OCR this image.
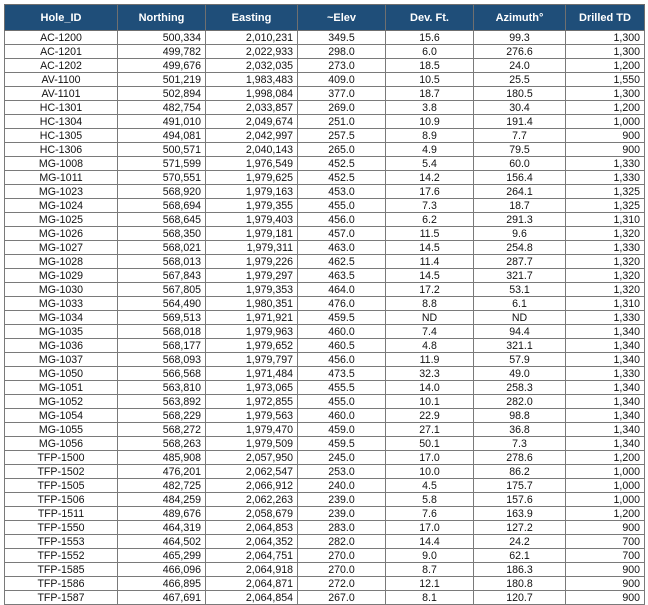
Hole_ID	Northing	Easting	~Elev	Dev. Ft.	Azimuth°	Drilled TD
AC-1200	500,334	2,010,231	349.5	15.6	99.3	1,300
AC-1201	499,782	2,022,933	298.0	6.0	276.6	1,300
AC-1202	499,676	2,032,035	273.0	18.5	24.0	1,200
AV-1100	501,219	1,983,483	409.0	10.5	25.5	1,550
AV-1101	502,894	1,998,084	377.0	18.7	180.5	1,300
HC-1301	482,754	2,033,857	269.0	3.8	30.4	1,200
HC-1304	491,010	2,049,674	251.0	10.9	191.4	1,000
HC-1305	494,081	2,042,997	257.5	8.9	7.7	900
HC-1306	500,571	2,040,143	265.0	4.9	79.5	900
MG-1008	571,599	1,976,549	452.5	5.4	60.0	1,330
MG-1011	570,551	1,979,625	452.5	14.2	156.4	1,330
MG-1023	568,920	1,979,163	453.0	17.6	264.1	1,325
MG-1024	568,694	1,979,355	455.0	7.3	18.7	1,325
MG-1025	568,645	1,979,403	456.0	6.2	291.3	1,310
MG-1026	568,350	1,979,181	457.0	11.5	9.6	1,320
MG-1027	568,021	1,979,311	463.0	14.5	254.8	1,330
MG-1028	568,013	1,979,226	462.5	11.4	287.7	1,320
MG-1029	567,843	1,979,297	463.5	14.5	321.7	1,320
MG-1030	567,805	1,979,353	464.0	17.2	53.1	1,320
MG-1033	564,490	1,980,351	476.0	8.8	6.1	1,310
MG-1034	569,513	1,971,921	459.5	ND	ND	1,330
MG-1035	568,018	1,979,963	460.0	7.4	94.4	1,340
MG-1036	568,177	1,979,652	460.5	4.8	321.1	1,340
MG-1037	568,093	1,979,797	456.0	11.9	57.9	1,340
MG-1050	566,568	1,971,484	473.5	32.3	49.0	1,330
MG-1051	563,810	1,973,065	455.5	14.0	258.3	1,340
MG-1052	563,892	1,972,855	455.0	10.1	282.0	1,340
MG-1054	568,229	1,979,563	460.0	22.9	98.8	1,340
MG-1055	568,272	1,979,470	459.0	27.1	36.8	1,340
MG-1056	568,263	1,979,509	459.5	50.1	7.3	1,340
TFP-1500	485,908	2,057,950	245.0	17.0	278.6	1,200
TFP-1502	476,201	2,062,547	253.0	10.0	86.2	1,000
TFP-1505	482,725	2,066,912	240.0	4.5	175.7	1,000
TFP-1506	484,259	2,062,263	239.0	5.8	157.6	1,000
TFP-1511	489,676	2,058,679	239.0	7.6	163.9	1,200
TFP-1550	464,319	2,064,853	283.0	17.0	127.2	900
TFP-1553	464,502	2,064,352	282.0	14.4	24.2	700
TFP-1552	465,299	2,064,751	270.0	9.0	62.1	700
TFP-1585	466,096	2,064,918	270.0	8.7	186.3	900
TFP-1586	466,895	2,064,871	272.0	12.1	180.8	900
TFP-1587	467,691	2,064,854	267.0	8.1	120.7	900
